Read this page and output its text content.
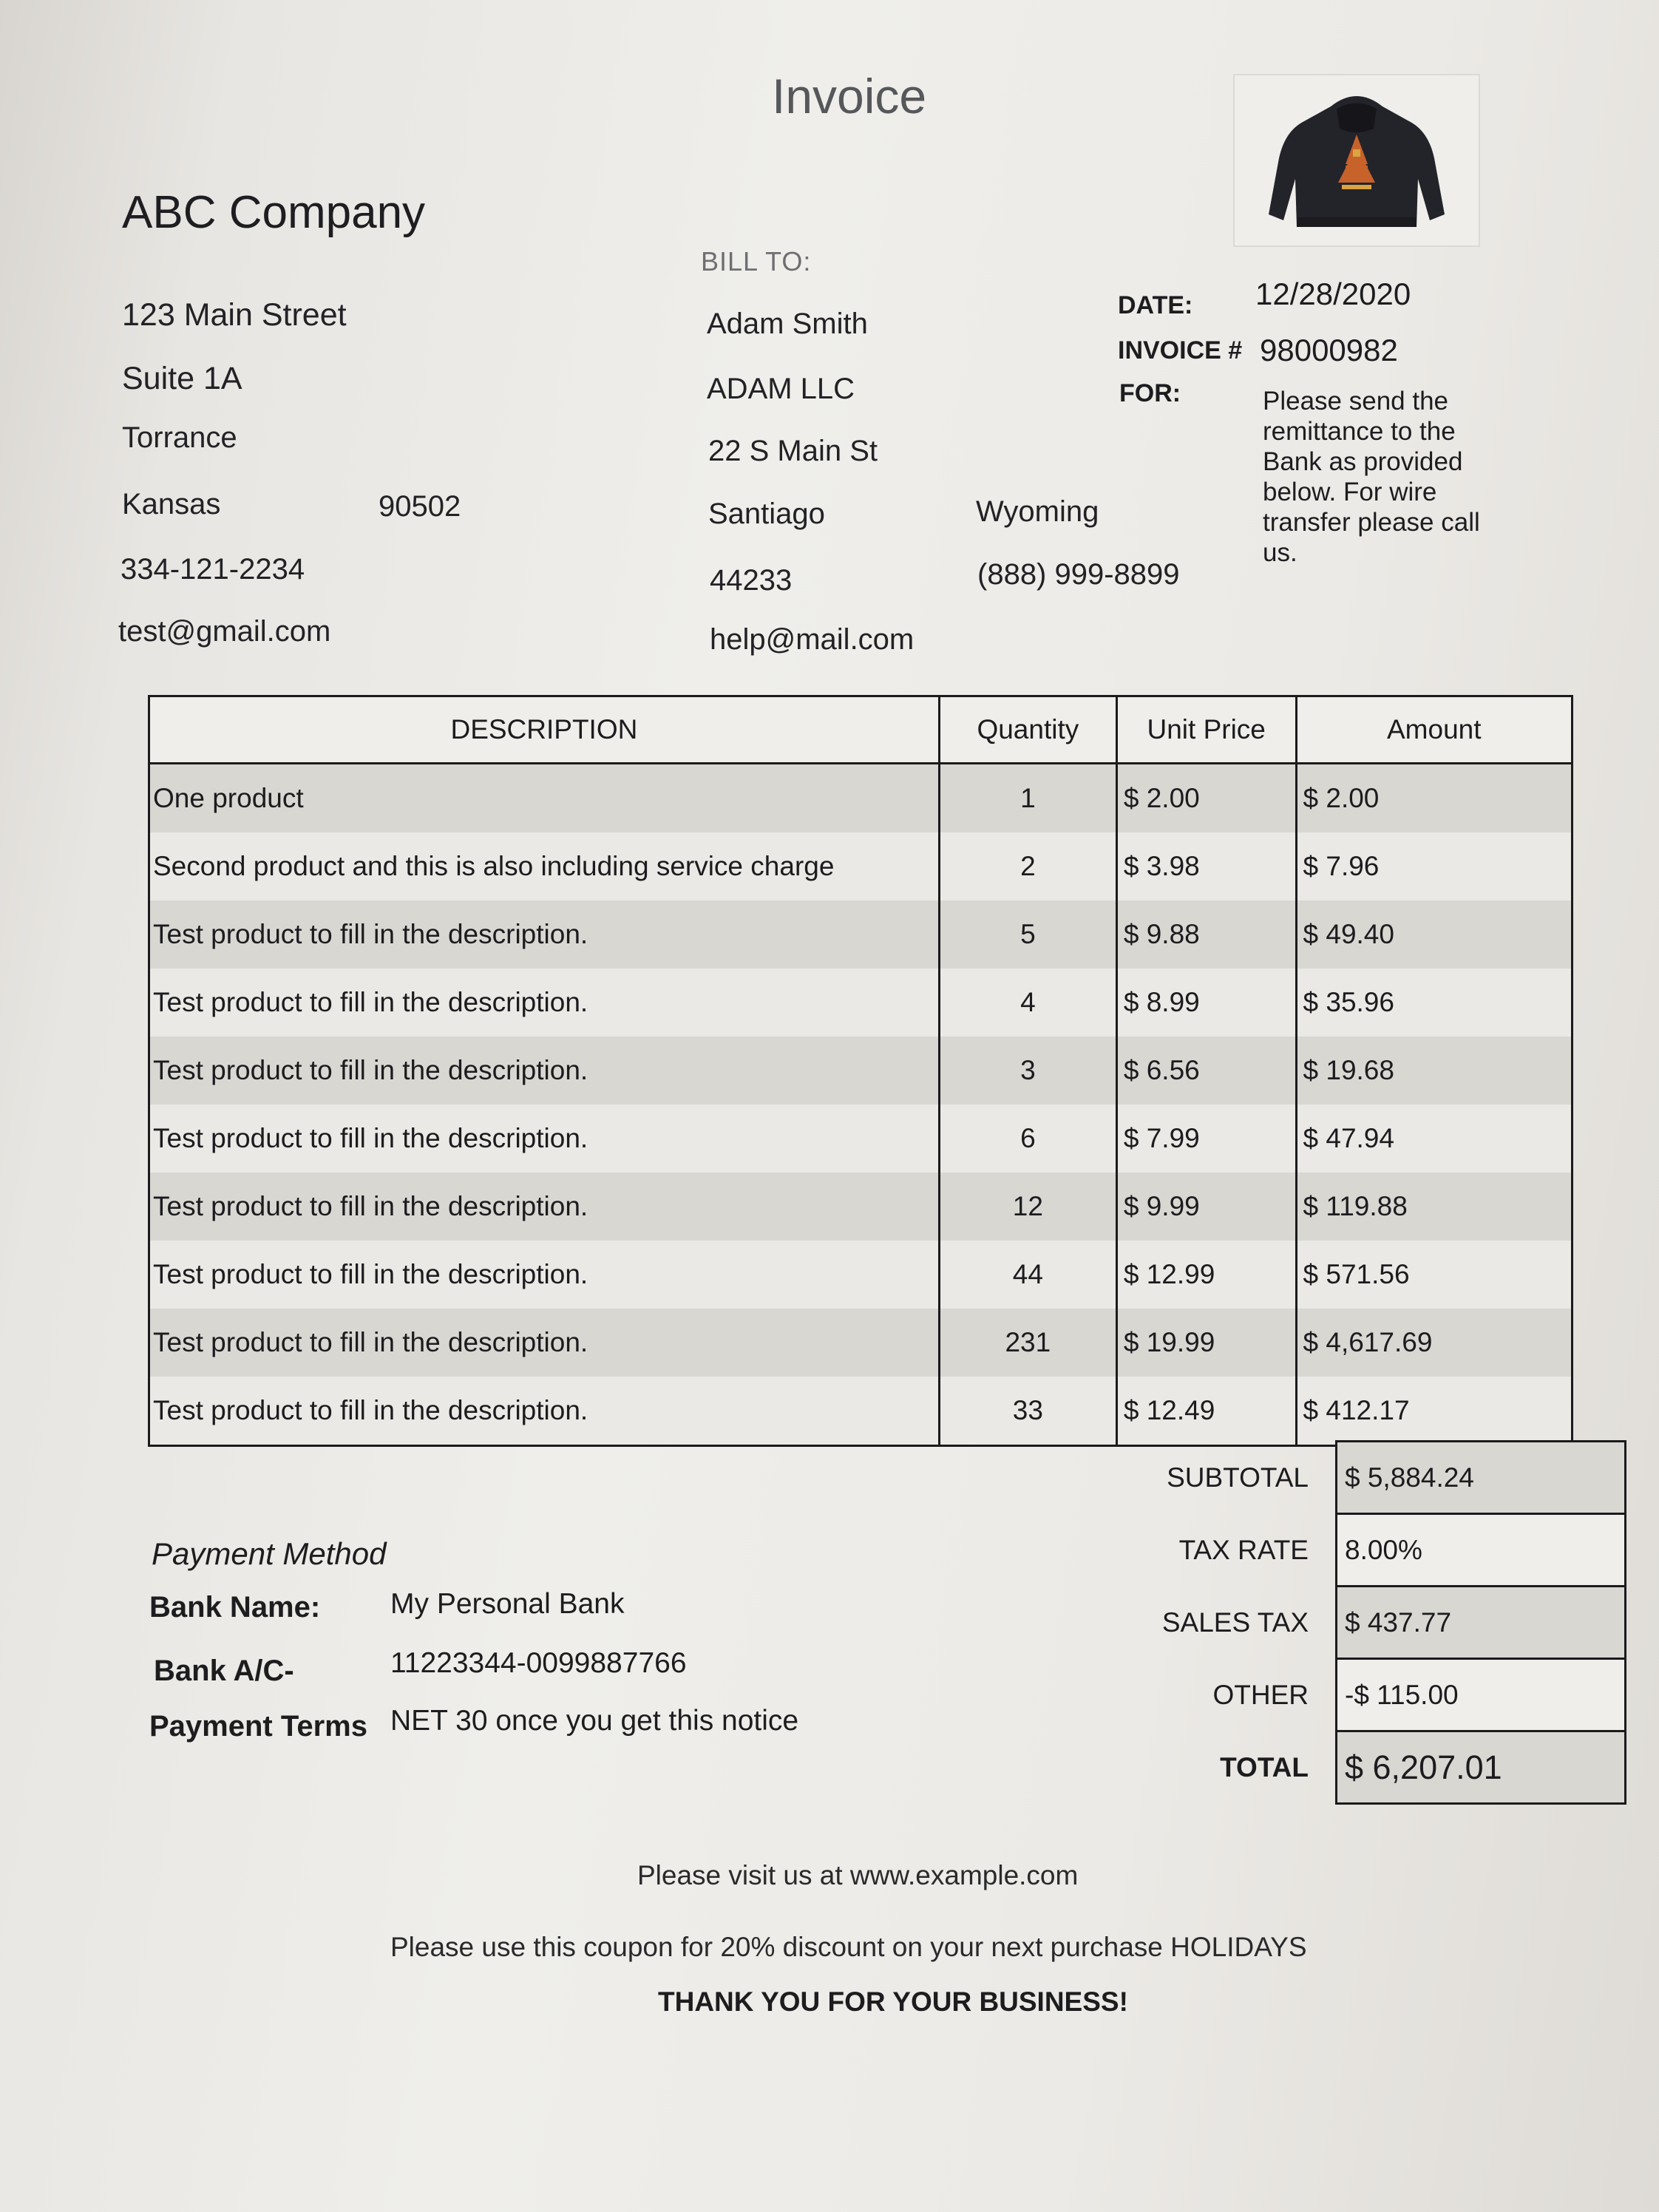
Invoice
ABC Company
123 Main Street
Suite 1A
Torrance
Kansas	90502
334-121-2234
test@gmail.com
BILL TO:
Adam Smith
ADAM LLC
22 S Main St
Santiago	Wyoming
44233	(888) 999-8899
help@mail.com
DATE: 12/28/2020
INVOICE # 98000982
FOR:	Please send the remittance to the Bank as provided below. For wire transfer please call us.
DESCRIPTION	Quantity	Unit Price	Amount
One product	1	$ 2.00	$ 2.00
Second product and this is also including service charge	2	$ 3.98	$ 7.96
Test product to fill in the description.	5	$ 9.88	$ 49.40
Test product to fill in the description.	4	$ 8.99	$ 35.96
Test product to fill in the description.	3	$ 6.56	$ 19.68
Test product to fill in the description.	6	$ 7.99	$ 47.94
Test product to fill in the description.	12	$ 9.99	$ 119.88
Test product to fill in the description.	44	$ 12.99	$ 571.56
Test product to fill in the description.	231	$ 19.99	$ 4,617.69
Test product to fill in the description.	33	$ 12.49	$ 412.17
SUBTOTAL	$ 5,884.24
TAX RATE	8.00%
SALES TAX	$ 437.77
OTHER	-$ 115.00
TOTAL	$ 6,207.01
Payment Method
Bank Name: My Personal Bank
Bank A/C-	11223344-0099887766
Payment Terms NET 30 once you get this notice
Please visit us at www.example.com
Please use this coupon for 20% discount on your next purchase HOLIDAYS
THANK YOU FOR YOUR BUSINESS!
